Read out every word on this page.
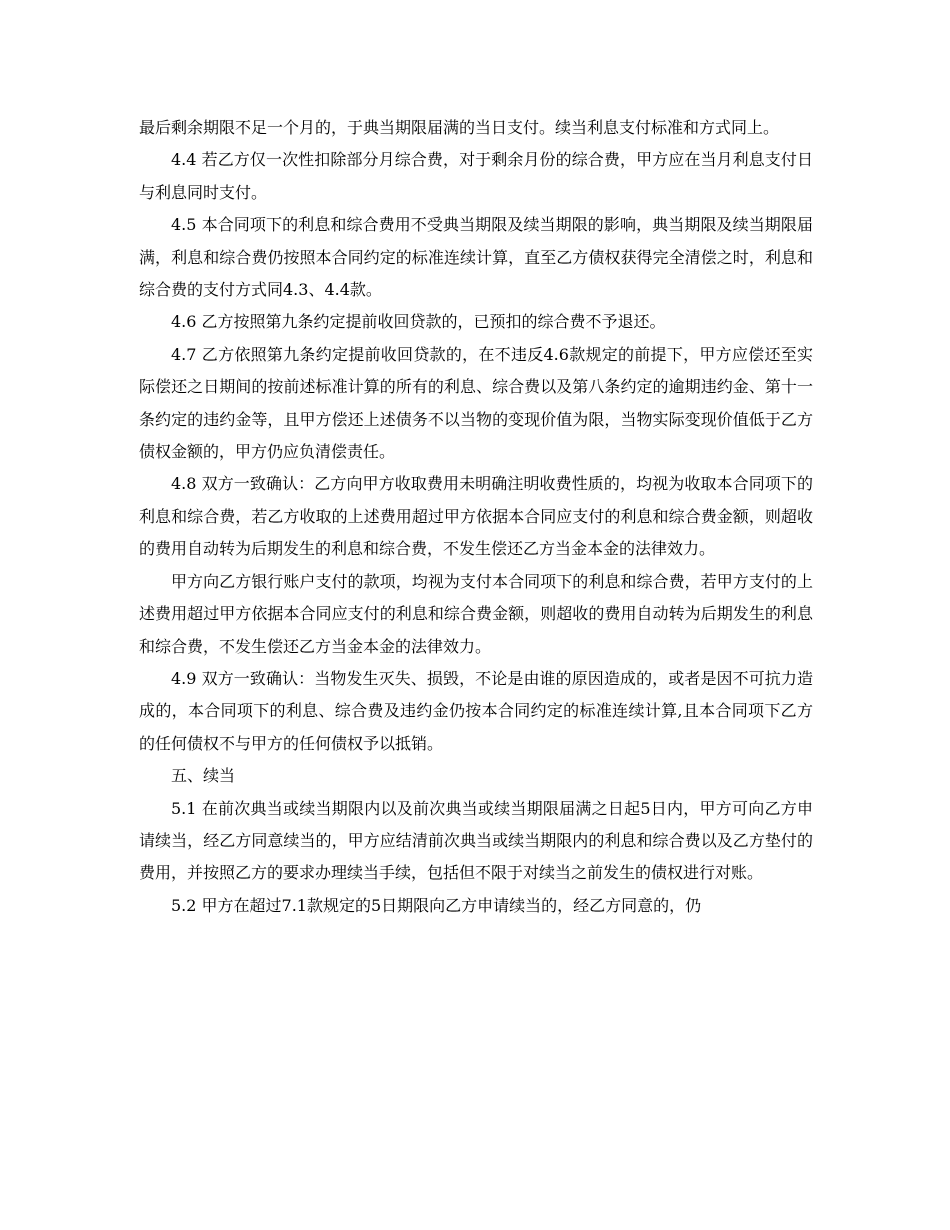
最后剩余期限不足一个月的，于典当期限届满的当日支付。续当利息支付标准和方式同上。

4.4 若乙方仅一次性扣除部分月综合费，对于剩余月份的综合费，甲方应在当月利息支付日与利息同时支付。

4.5 本合同项下的利息和综合费用不受典当期限及续当期限的影响，典当期限及续当期限届满，利息和综合费仍按照本合同约定的标准连续计算，直至乙方债权获得完全清偿之时，利息和综合费的支付方式同4.3、4.4款。

4.6 乙方按照第九条约定提前收回贷款的，已预扣的综合费不予退还。

4.7 乙方依照第九条约定提前收回贷款的，在不违反4.6款规定的前提下，甲方应偿还至实际偿还之日期间的按前述标准计算的所有的利息、综合费以及第八条约定的逾期违约金、第十一条约定的违约金等，且甲方偿还上述债务不以当物的变现价值为限，当物实际变现价值低于乙方债权金额的，甲方仍应负清偿责任。

4.8 双方一致确认：乙方向甲方收取费用未明确注明收费性质的，均视为收取本合同项下的利息和综合费，若乙方收取的上述费用超过甲方依据本合同应支付的利息和综合费金额，则超收的费用自动转为后期发生的利息和综合费，不发生偿还乙方当金本金的法律效力。

甲方向乙方银行账户支付的款项，均视为支付本合同项下的利息和综合费，若甲方支付的上述费用超过甲方依据本合同应支付的利息和综合费金额，则超收的费用自动转为后期发生的利息和综合费，不发生偿还乙方当金本金的法律效力。

4.9 双方一致确认：当物发生灭失、损毁，不论是由谁的原因造成的，或者是因不可抗力造成的，本合同项下的利息、综合费及违约金仍按本合同约定的标准连续计算,且本合同项下乙方的任何债权不与甲方的任何债权予以抵销。

五、续当

5.1 在前次典当或续当期限内以及前次典当或续当期限届满之日起5日内，甲方可向乙方申请续当，经乙方同意续当的，甲方应结清前次典当或续当期限内的利息和综合费以及乙方垫付的费用，并按照乙方的要求办理续当手续，包括但不限于对续当之前发生的债权进行对账。

5.2 甲方在超过7.1款规定的5日期限向乙方申请续当的，经乙方同意的，仍
